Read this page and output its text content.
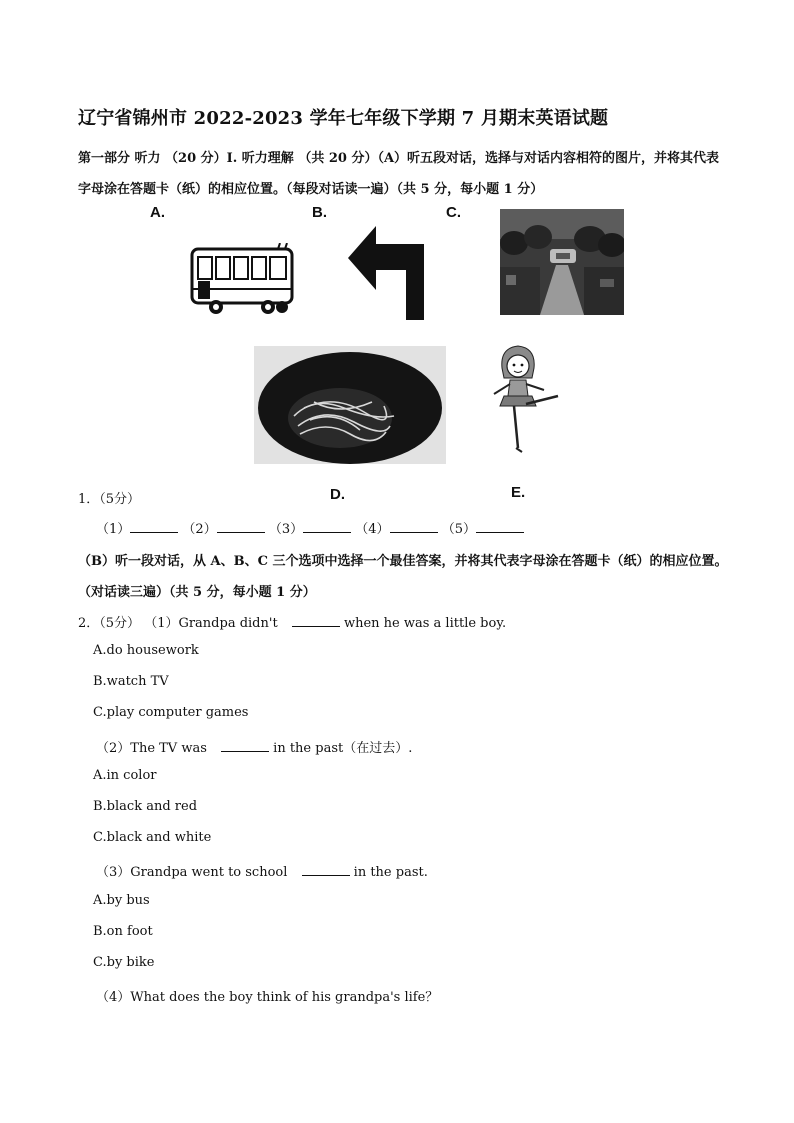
辽宁省锦州市 2022-2023 学年七年级下学期 7 月期末英语试题
第一部分 听力 （20 分）I. 听力理解 （共 20 分）（A）听五段对话，选择与对话内容相符的图片，并将其代表字母涂在答题卡（纸）的相应位置。（每段对话读一遍）（共 5 分，每小题 1 分）
A.	B.	C.
D.	E.
1．（5分）
（1）	（2）	（3）	（4）	（5）
（B）听一段对话，从 A、B、C 三个选项中选择一个最佳答案，并将其代表字母涂在答题卡（纸）的相应位置。（对话读三遍）（共 5 分，每小题 1 分）
2．（5分） （1）Grandpa didn't	when he was a little boy.
A.do housework
B.watch TV
C.play computer games
（2）The TV was	in the past（在过去）.
A.in color
B.black and red
C.black and white
（3）Grandpa went to school	in the past.
A.by bus
B.on foot
C.by bike
（4）What does the boy think of his grandpa's life？
